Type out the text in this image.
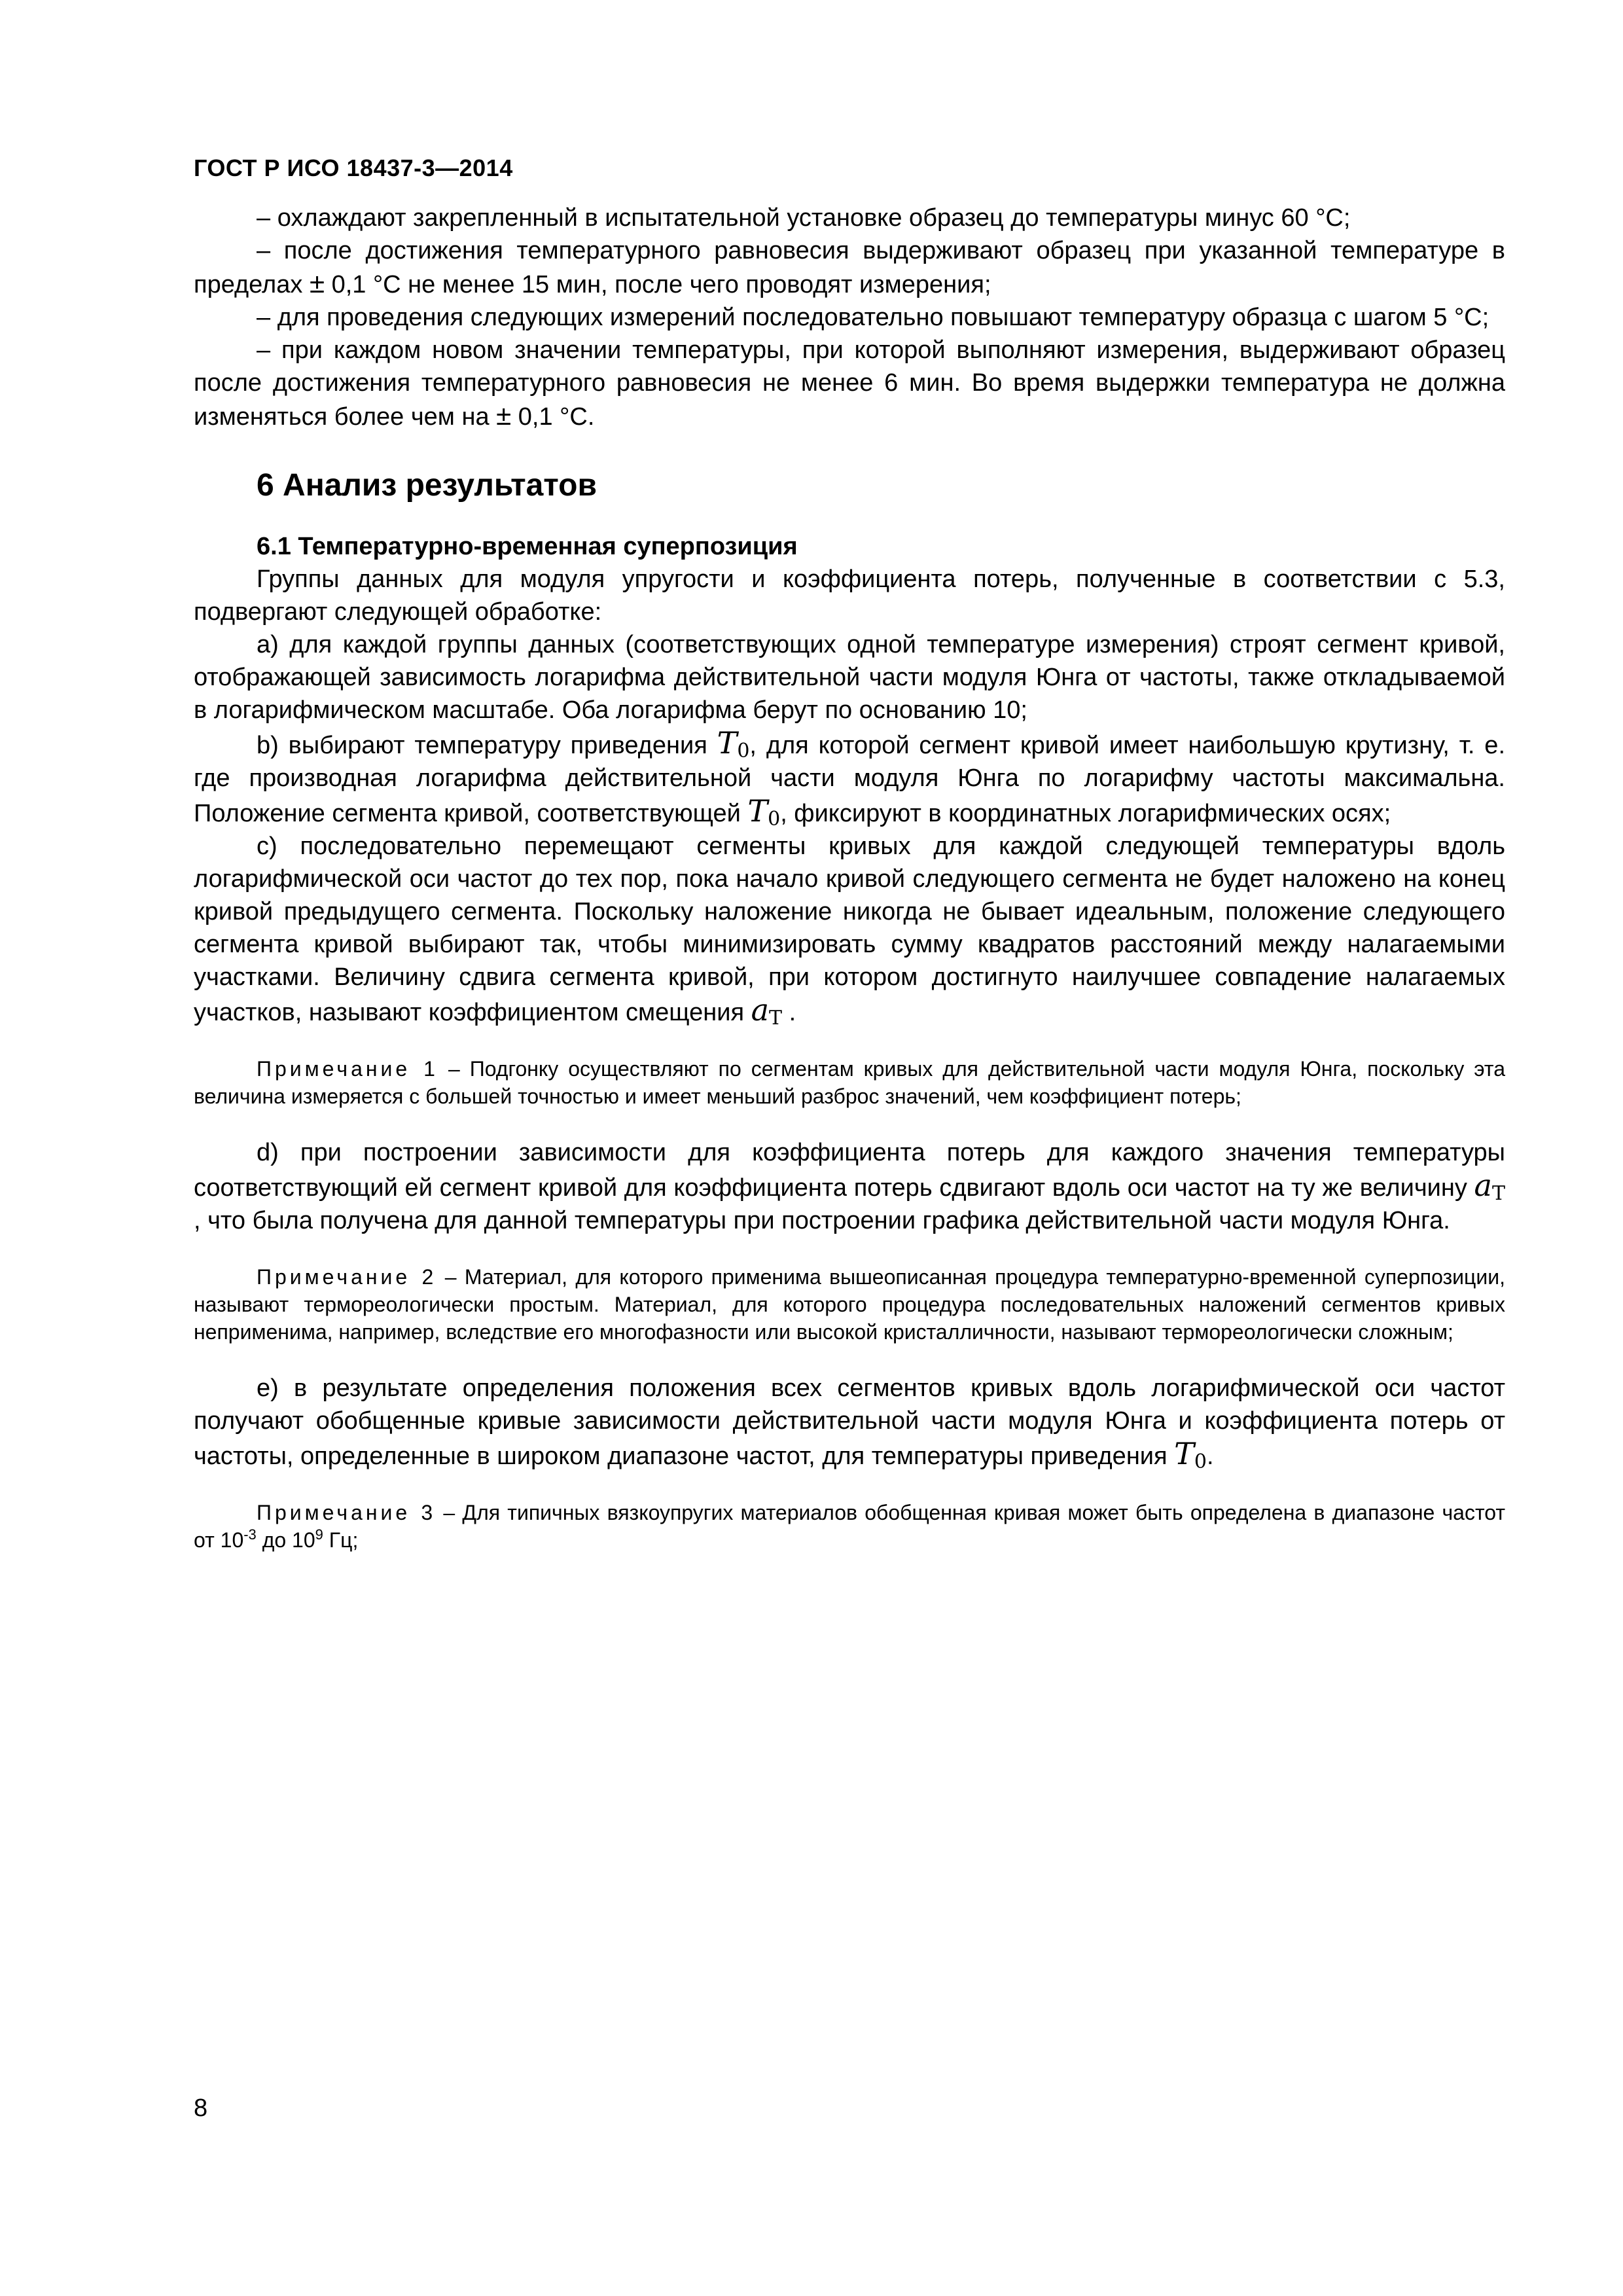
ГОСТ Р ИСО 18437-3—2014

– охлаждают закрепленный в испытательной установке образец до температуры минус 60 °С;

– после достижения температурного равновесия выдерживают образец при указанной температуре в пределах ± 0,1 °С не менее 15 мин, после чего проводят измерения;

– для проведения следующих измерений последовательно повышают температуру образца с шагом 5 °С;

– при каждом новом значении температуры, при которой выполняют измерения, выдерживают образец после достижения температурного равновесия не менее 6 мин. Во время выдержки температура не должна изменяться более чем на ± 0,1 °С.

6 Анализ результатов

6.1 Температурно-временная суперпозиция

Группы данных для модуля упругости и коэффициента потерь, полученные в соответствии с 5.3, подвергают следующей обработке:

а) для каждой группы данных (соответствующих одной температуре измерения) строят сегмент кривой, отображающей зависимость логарифма действительной части модуля Юнга от частоты, также откладываемой в логарифмическом масштабе. Оба логарифма берут по основанию 10;

b) выбирают температуру приведения $T_0$, для которой сегмент кривой имеет наибольшую крутизну, т. е. где производная логарифма действительной части модуля Юнга по логарифму частоты максимальна. Положение сегмента кривой, соответствующей $T_0$, фиксируют в координатных логарифмических осях;

с) последовательно перемещают сегменты кривых для каждой следующей температуры вдоль логарифмической оси частот до тех пор, пока начало кривой следующего сегмента не будет наложено на конец кривой предыдущего сегмента. Поскольку наложение никогда не бывает идеальным, положение следующего сегмента кривой выбирают так, чтобы минимизировать сумму квадратов расстояний между налагаемыми участками. Величину сдвига сегмента кривой, при котором достигнуто наилучшее совпадение налагаемых участков, называют коэффициентом смещения $a_T$ .

Примечание 1 – Подгонку осуществляют по сегментам кривых для действительной части модуля Юнга, поскольку эта величина измеряется с большей точностью и имеет меньший разброс значений, чем коэффициент потерь;

d) при построении зависимости для коэффициента потерь для каждого значения температуры соответствующий ей сегмент кривой для коэффициента потерь сдвигают вдоль оси частот на ту же величину $a_T$ , что была получена для данной температуры при построении графика действительной части модуля Юнга.

Примечание 2 – Материал, для которого применима вышеописанная процедура температурно-временной суперпозиции, называют термореологически простым. Материал, для которого процедура последовательных наложений сегментов кривых неприменима, например, вследствие его многофазности или высокой кристалличности, называют термореологически сложным;

е) в результате определения положения всех сегментов кривых вдоль логарифмической оси частот получают обобщенные кривые зависимости действительной части модуля Юнга и коэффициента потерь от частоты, определенные в широком диапазоне частот, для температуры приведения $T_0$.

Примечание 3 – Для типичных вязкоупругих материалов обобщенная кривая может быть определена в диапазоне частот от $10^{-3}$ до $10^9$ Гц;

8
